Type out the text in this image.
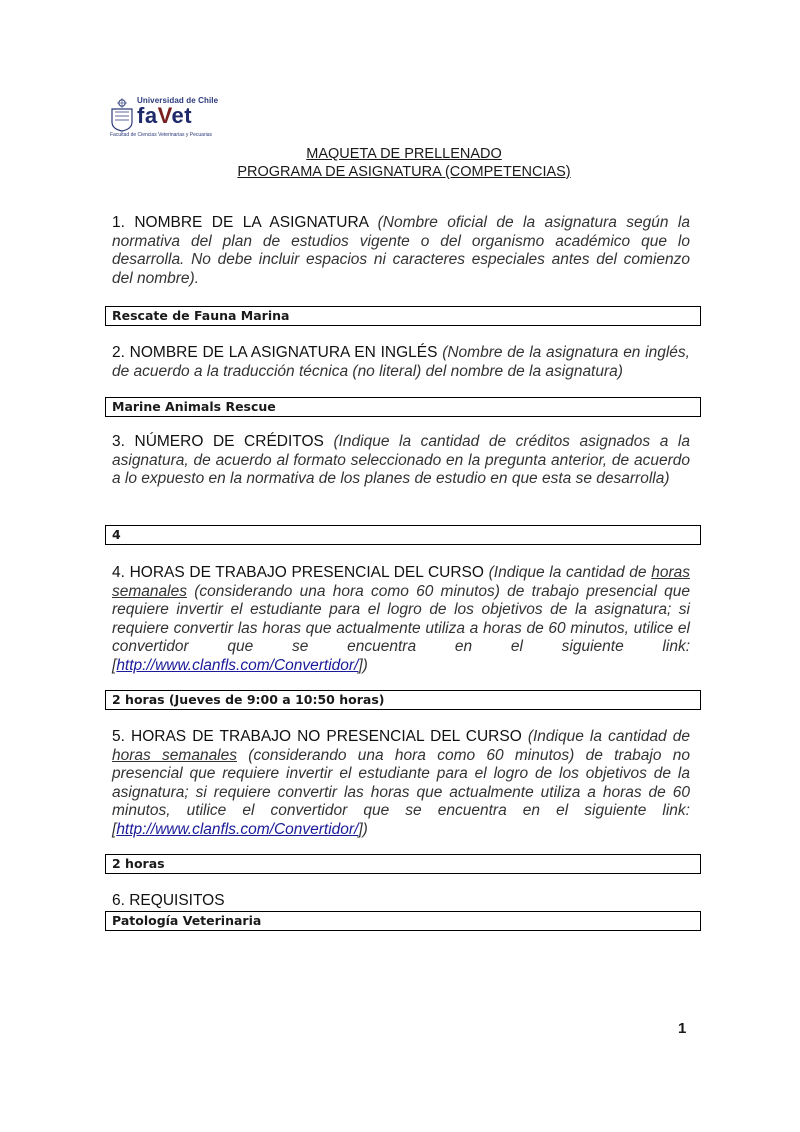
Universidad de Chile
faVet
Facultad de Ciencias Veterinarias y Pecuarias
MAQUETA DE PRELLENADO
PROGRAMA DE ASIGNATURA (COMPETENCIAS)
1. NOMBRE DE LA ASIGNATURA (Nombre oficial de la asignatura según la normativa del plan de estudios vigente o del organismo académico que lo desarrolla. No debe incluir espacios ni caracteres especiales antes del comienzo del nombre).
Rescate de Fauna Marina
2. NOMBRE DE LA ASIGNATURA EN INGLÉS (Nombre de la asignatura en inglés, de acuerdo a la traducción técnica (no literal) del nombre de la asignatura)
Marine Animals Rescue
3. NÚMERO DE CRÉDITOS (Indique la cantidad de créditos asignados a la asignatura, de acuerdo al formato seleccionado en la pregunta anterior, de acuerdo a lo expuesto en la normativa de los planes de estudio en que esta se desarrolla)
4
4. HORAS DE TRABAJO PRESENCIAL DEL CURSO (Indique la cantidad de horas semanales (considerando una hora como 60 minutos) de trabajo presencial que requiere invertir el estudiante para el logro de los objetivos de la asignatura; si requiere convertir las horas que actualmente utiliza a horas de 60 minutos, utilice el convertidor que se encuentra en el siguiente link: [http://www.clanfls.com/Convertidor/])
2 horas (Jueves de 9:00 a 10:50 horas)
5. HORAS DE TRABAJO NO PRESENCIAL DEL CURSO (Indique la cantidad de horas semanales (considerando una hora como 60 minutos) de trabajo no presencial que requiere invertir el estudiante para el logro de los objetivos de la asignatura; si requiere convertir las horas que actualmente utiliza a horas de 60 minutos, utilice el convertidor que se encuentra en el siguiente link: [http://www.clanfls.com/Convertidor/])
2 horas
6. REQUISITOS
Patología Veterinaria
1
